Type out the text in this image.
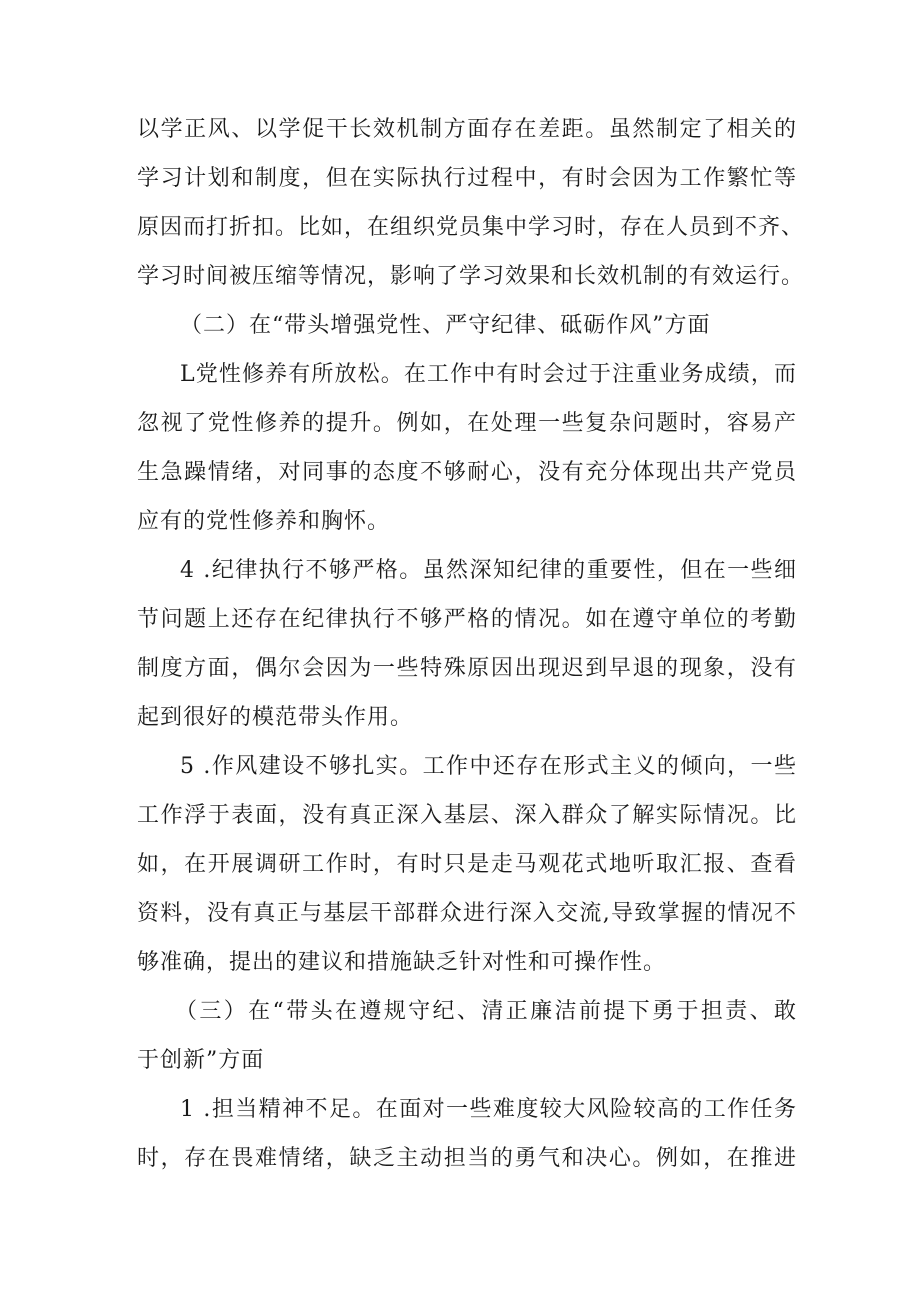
以学正风、以学促干长效机制方面存在差距。虽然制定了相关的
学习计划和制度，但在实际执行过程中，有时会因为工作繁忙等
原因而打折扣。比如，在组织党员集中学习时，存在人员到不齐、
学习时间被压缩等情况，影响了学习效果和长效机制的有效运行。
（二）在“带头增强党性、严守纪律、砥砺作风”方面
L党性修养有所放松。在工作中有时会过于注重业务成绩，而
忽视了党性修养的提升。例如，在处理一些复杂问题时，容易产
生急躁情绪，对同事的态度不够耐心，没有充分体现出共产党员
应有的党性修养和胸怀。
4 .纪律执行不够严格。虽然深知纪律的重要性，但在一些细
节问题上还存在纪律执行不够严格的情况。如在遵守单位的考勤
制度方面，偶尔会因为一些特殊原因出现迟到早退的现象，没有
起到很好的模范带头作用。
5 .作风建设不够扎实。工作中还存在形式主义的倾向，一些
工作浮于表面，没有真正深入基层、深入群众了解实际情况。比
如，在开展调研工作时，有时只是走马观花式地听取汇报、查看
资料，没有真正与基层干部群众进行深入交流,导致掌握的情况不
够准确，提出的建议和措施缺乏针对性和可操作性。
（三）在“带头在遵规守纪、清正廉洁前提下勇于担责、敢
于创新”方面
1 .担当精神不足。在面对一些难度较大风险较高的工作任务
时，存在畏难情绪，缺乏主动担当的勇气和决心。例如，在推进
